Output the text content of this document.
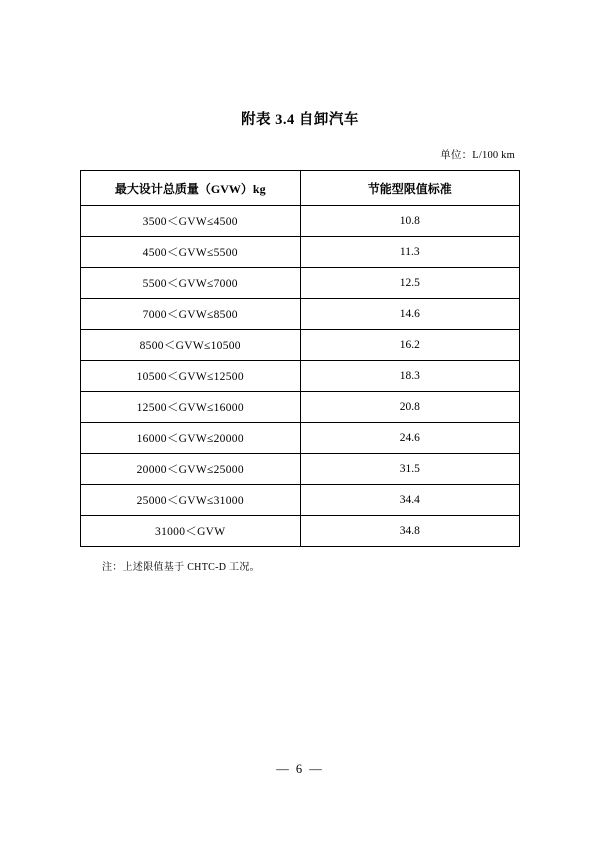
附表 3.4 自卸汽车

单位：L/100 km

最大设计总质量（GVW）kg	节能型限值标准
3500＜GVW≤4500	10.8
4500＜GVW≤5500	11.3
5500＜GVW≤7000	12.5
7000＜GVW≤8500	14.6
8500＜GVW≤10500	16.2
10500＜GVW≤12500	18.3
12500＜GVW≤16000	20.8
16000＜GVW≤20000	24.6
20000＜GVW≤25000	31.5
25000＜GVW≤31000	34.4
31000＜GVW	34.8

注：上述限值基于 CHTC-D 工况。

— 6 —
